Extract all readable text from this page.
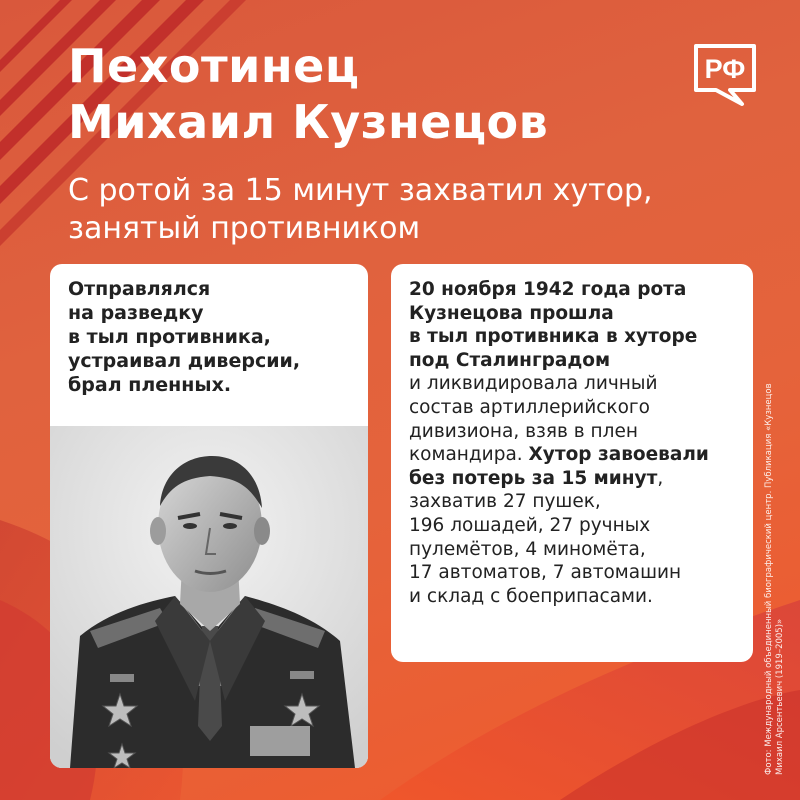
Пехотинец
Михаил Кузнецов
С ротой за 15 минут захватил хутор,
занятый противником
РФ
Отправлялся
на разведку
в тыл противника,
устраивал диверсии,
брал пленных.
20 ноября 1942 года рота
Кузнецова прошла
в тыл противника в хуторе
под Сталинградом
и ликвидировала личный
состав артиллерийского
дивизиона, взяв в плен
командира. Хутор завоевали
без потерь за 15 минут,
захватив 27 пушек,
196 лошадей, 27 ручных
пулемётов, 4 миномёта,
17 автоматов, 7 автомашин
и склад с боеприпасами.	Фото: Международный объединенный биографический центр. Публикация «Кузнецов Михаил Арсентьевич (1919–2005)»
